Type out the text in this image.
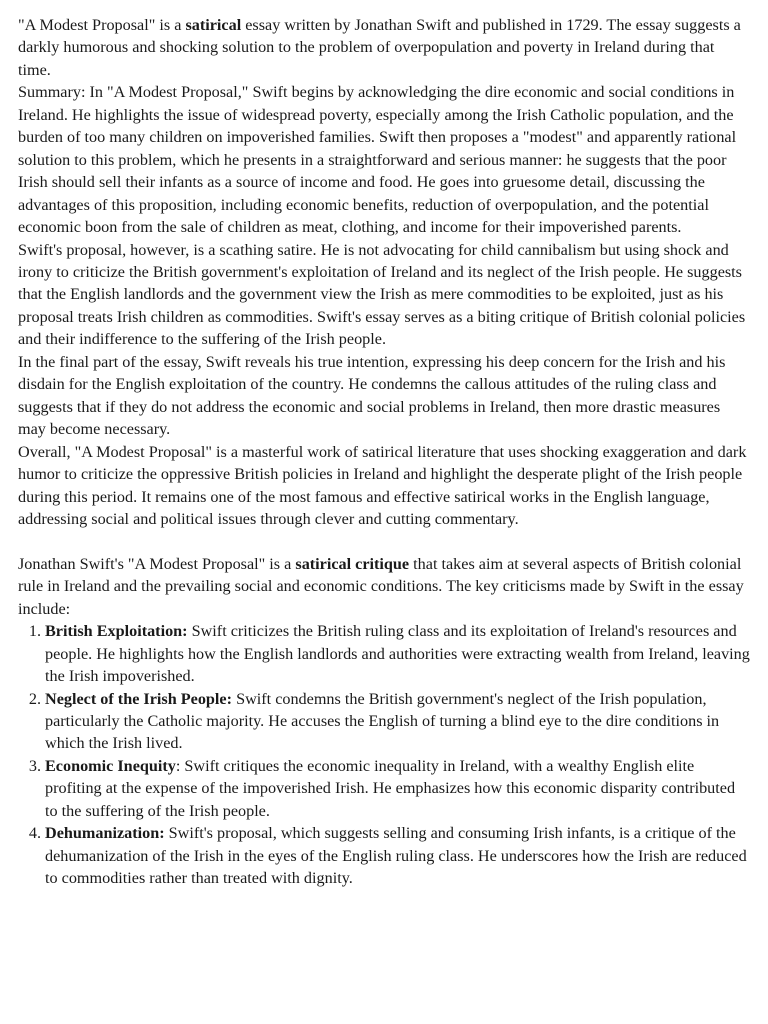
"A Modest Proposal" is a satirical essay written by Jonathan Swift and published in 1729. The essay suggests a darkly humorous and shocking solution to the problem of overpopulation and poverty in Ireland during that time.

Summary: In "A Modest Proposal," Swift begins by acknowledging the dire economic and social conditions in Ireland. He highlights the issue of widespread poverty, especially among the Irish Catholic population, and the burden of too many children on impoverished families. Swift then proposes a "modest" and apparently rational solution to this problem, which he presents in a straightforward and serious manner: he suggests that the poor Irish should sell their infants as a source of income and food. He goes into gruesome detail, discussing the advantages of this proposition, including economic benefits, reduction of overpopulation, and the potential economic boon from the sale of children as meat, clothing, and income for their impoverished parents.

Swift's proposal, however, is a scathing satire. He is not advocating for child cannibalism but using shock and irony to criticize the British government's exploitation of Ireland and its neglect of the Irish people. He suggests that the English landlords and the government view the Irish as mere commodities to be exploited, just as his proposal treats Irish children as commodities. Swift's essay serves as a biting critique of British colonial policies and their indifference to the suffering of the Irish people.

In the final part of the essay, Swift reveals his true intention, expressing his deep concern for the Irish and his disdain for the English exploitation of the country. He condemns the callous attitudes of the ruling class and suggests that if they do not address the economic and social problems in Ireland, then more drastic measures may become necessary.

Overall, "A Modest Proposal" is a masterful work of satirical literature that uses shocking exaggeration and dark humor to criticize the oppressive British policies in Ireland and highlight the desperate plight of the Irish people during this period. It remains one of the most famous and effective satirical works in the English language, addressing social and political issues through clever and cutting commentary.

Jonathan Swift's "A Modest Proposal" is a satirical critique that takes aim at several aspects of British colonial rule in Ireland and the prevailing social and economic conditions. The key criticisms made by Swift in the essay include:

1. British Exploitation: Swift criticizes the British ruling class and its exploitation of Ireland's resources and people. He highlights how the English landlords and authorities were extracting wealth from Ireland, leaving the Irish impoverished.
2. Neglect of the Irish People: Swift condemns the British government's neglect of the Irish population, particularly the Catholic majority. He accuses the English of turning a blind eye to the dire conditions in which the Irish lived.
3. Economic Inequity: Swift critiques the economic inequality in Ireland, with a wealthy English elite profiting at the expense of the impoverished Irish. He emphasizes how this economic disparity contributed to the suffering of the Irish people.
4. Dehumanization: Swift's proposal, which suggests selling and consuming Irish infants, is a critique of the dehumanization of the Irish in the eyes of the English ruling class. He underscores how the Irish are reduced to commodities rather than treated with dignity.
